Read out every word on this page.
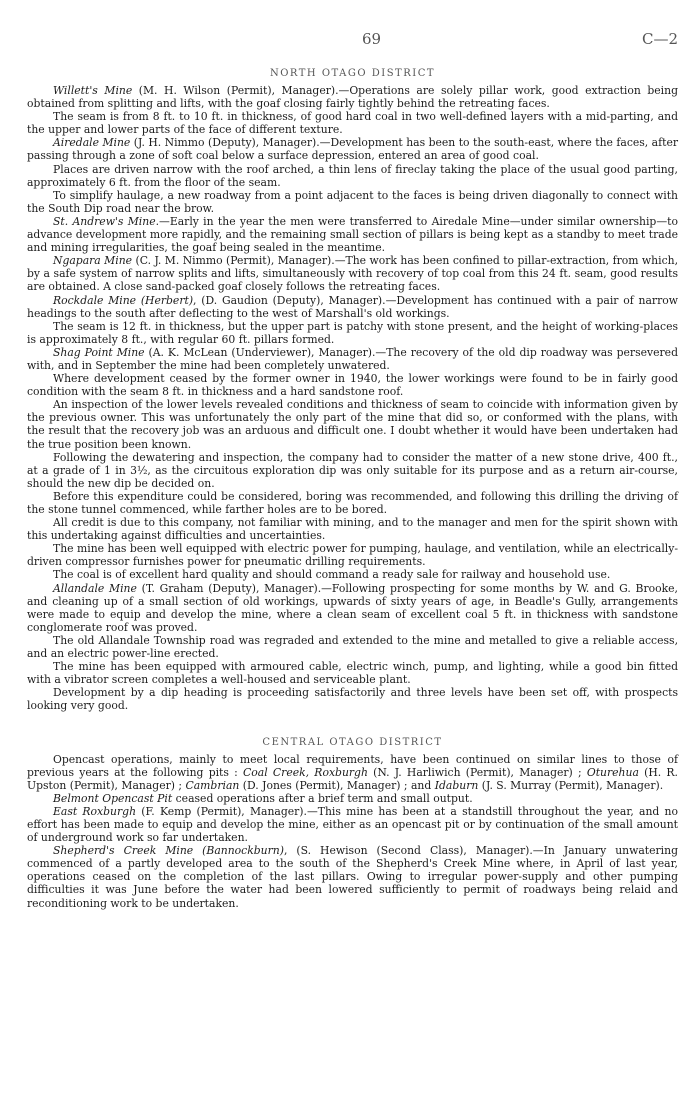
69	C—2
NORTH OTAGO DISTRICT

Willett's Mine (M. H. Wilson (Permit), Manager).—Operations are solely pillar work, good extraction being obtained from splitting and lifts, with the goaf closing fairly tightly behind the retreating faces.

The seam is from 8 ft. to 10 ft. in thickness, of good hard coal in two well-defined layers with a mid-parting, and the upper and lower parts of the face of different texture.

Airedale Mine (J. H. Nimmo (Deputy), Manager).—Development has been to the south-east, where the faces, after passing through a zone of soft coal below a surface depression, entered an area of good coal.

Places are driven narrow with the roof arched, a thin lens of fireclay taking the place of the usual good parting, approximately 6 ft. from the floor of the seam.

To simplify haulage, a new roadway from a point adjacent to the faces is being driven diagonally to connect with the South Dip road near the brow.

St. Andrew's Mine.—Early in the year the men were transferred to Airedale Mine—under similar ownership—to advance development more rapidly, and the remaining small section of pillars is being kept as a standby to meet trade and mining irregularities, the goaf being sealed in the meantime.

Ngapara Mine (C. J. M. Nimmo (Permit), Manager).—The work has been confined to pillar-extraction, from which, by a safe system of narrow splits and lifts, simultaneously with recovery of top coal from this 24 ft. seam, good results are obtained. A close sand-packed goaf closely follows the retreating faces.

Rockdale Mine (Herbert), (D. Gaudion (Deputy), Manager).—Development has continued with a pair of narrow headings to the south after deflecting to the west of Marshall's old workings.

The seam is 12 ft. in thickness, but the upper part is patchy with stone present, and the height of working-places is approximately 8 ft., with regular 60 ft. pillars formed.

Shag Point Mine (A. K. McLean (Underviewer), Manager).—The recovery of the old dip roadway was persevered with, and in September the mine had been completely unwatered.

Where development ceased by the former owner in 1940, the lower workings were found to be in fairly good condition with the seam 8 ft. in thickness and a hard sandstone roof.

An inspection of the lower levels revealed conditions and thickness of seam to coincide with information given by the previous owner. This was unfortunately the only part of the mine that did so, or conformed with the plans, with the result that the recovery job was an arduous and difficult one. I doubt whether it would have been undertaken had the true position been known.

Following the dewatering and inspection, the company had to consider the matter of a new stone drive, 400 ft., at a grade of 1 in 3½, as the circuitous exploration dip was only suitable for its purpose and as a return air-course, should the new dip be decided on.

Before this expenditure could be considered, boring was recommended, and following this drilling the driving of the stone tunnel commenced, while farther holes are to be bored.

All credit is due to this company, not familiar with mining, and to the manager and men for the spirit shown with this undertaking against difficulties and uncertainties.

The mine has been well equipped with electric power for pumping, haulage, and ventilation, while an electrically-driven compressor furnishes power for pneumatic drilling requirements.

The coal is of excellent hard quality and should command a ready sale for railway and household use.

Allandale Mine (T. Graham (Deputy), Manager).—Following prospecting for some months by W. and G. Brooke, and cleaning up of a small section of old workings, upwards of sixty years of age, in Beadle's Gully, arrangements were made to equip and develop the mine, where a clean seam of excellent coal 5 ft. in thickness with sandstone conglomerate roof was proved.

The old Allandale Township road was regraded and extended to the mine and metalled to give a reliable access, and an electric power-line erected.

The mine has been equipped with armoured cable, electric winch, pump, and lighting, while a good bin fitted with a vibrator screen completes a well-housed and serviceable plant.

Development by a dip heading is proceeding satisfactorily and three levels have been set off, with prospects looking very good.

CENTRAL OTAGO DISTRICT

Opencast operations, mainly to meet local requirements, have been continued on similar lines to those of previous years at the following pits : Coal Creek, Roxburgh (N. J. Harliwich (Permit), Manager) ; Oturehua (H. R. Upston (Permit), Manager) ; Cambrian (D. Jones (Permit), Manager) ; and Idaburn (J. S. Murray (Permit), Manager).

Belmont Opencast Pit ceased operations after a brief term and small output.

East Roxburgh (F. Kemp (Permit), Manager).—This mine has been at a standstill throughout the year, and no effort has been made to equip and develop the mine, either as an opencast pit or by continuation of the small amount of underground work so far undertaken.

Shepherd's Creek Mine (Bannockburn), (S. Hewison (Second Class), Manager).—In January unwatering commenced of a partly developed area to the south of the Shepherd's Creek Mine where, in April of last year, operations ceased on the completion of the last pillars. Owing to irregular power-supply and other pumping difficulties it was June before the water had been lowered sufficiently to permit of roadways being relaid and reconditioning work to be undertaken.
